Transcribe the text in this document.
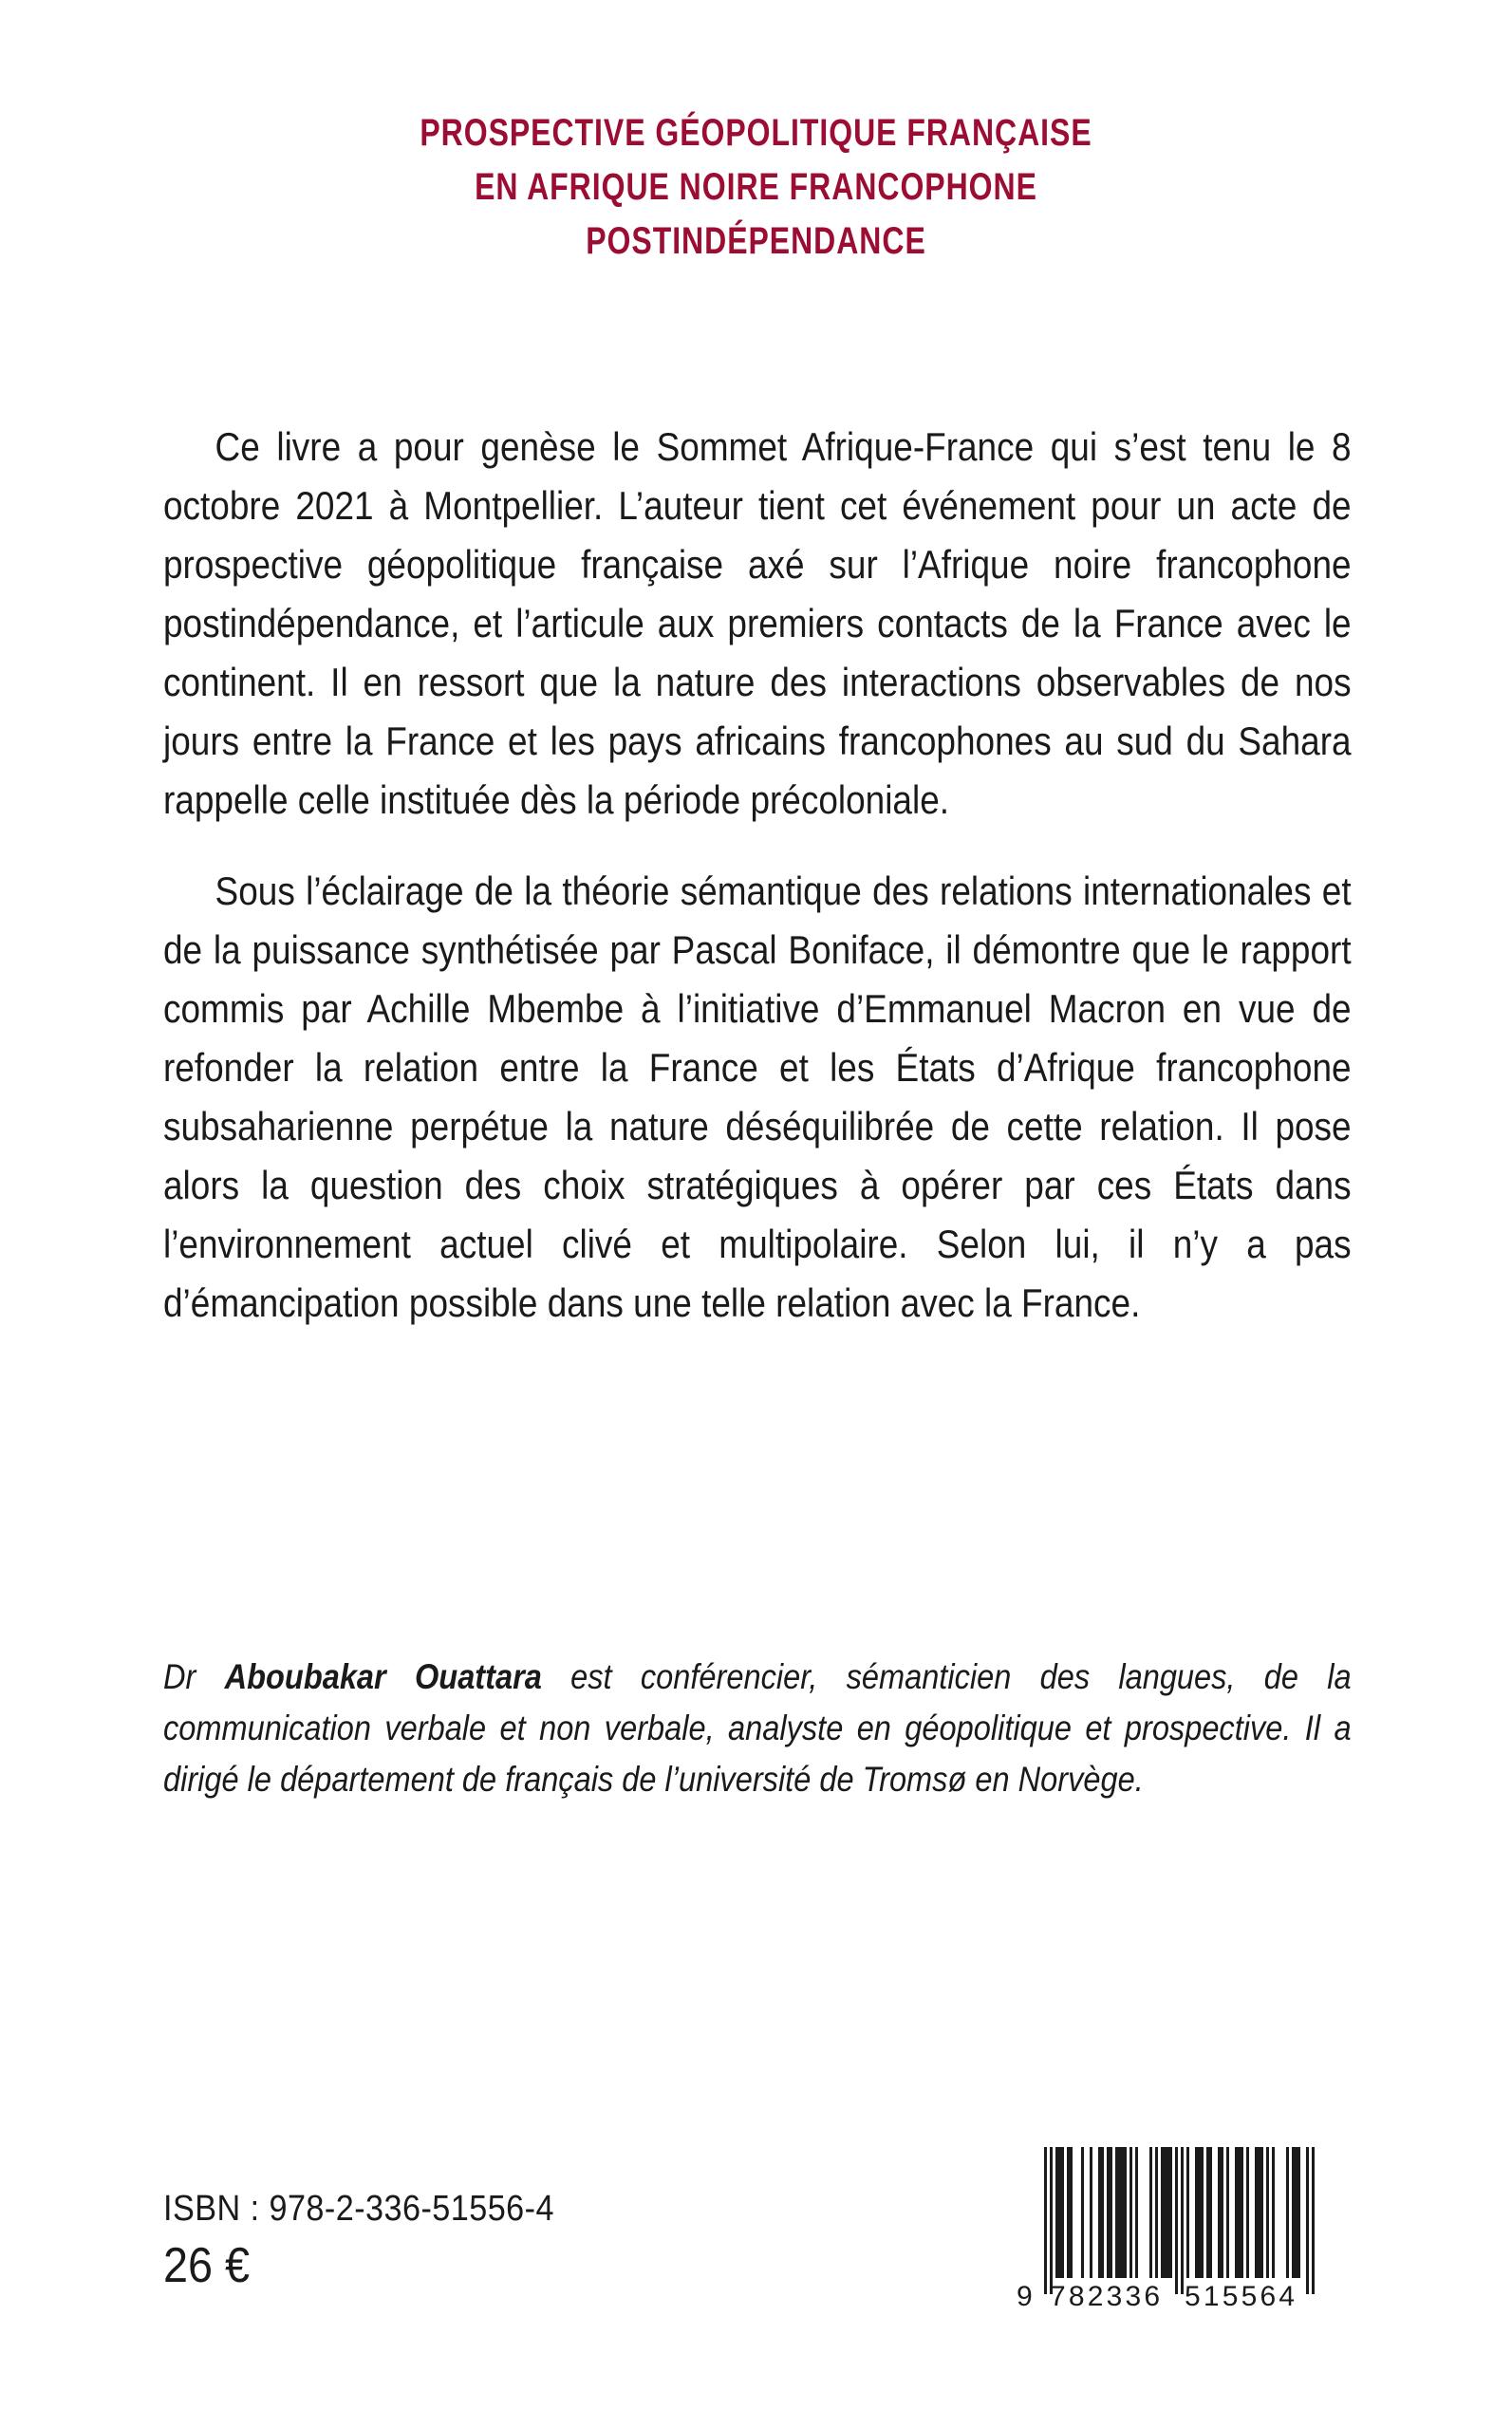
PROSPECTIVE GÉOPOLITIQUE FRANÇAISE
EN AFRIQUE NOIRE FRANCOPHONE
POSTINDÉPENDANCE

Ce livre a pour genèse le Sommet Afrique-France qui s’est tenu le 8 octobre 2021 à Montpellier. L’auteur tient cet événement pour un acte de prospective géopolitique française axé sur l’Afrique noire francophone postindépendance, et l’articule aux premiers contacts de la France avec le continent. Il en ressort que la nature des interactions observables de nos jours entre la France et les pays africains francophones au sud du Sahara rappelle celle instituée dès la période précoloniale.

Sous l’éclairage de la théorie sémantique des relations internationales et de la puissance synthétisée par Pascal Boniface, il démontre que le rapport commis par Achille Mbembe à l’initiative d’Emmanuel Macron en vue de refonder la relation entre la France et les États d’Afrique francophone subsaharienne perpétue la nature déséquilibrée de cette relation. Il pose alors la question des choix stratégiques à opérer par ces États dans l’environnement actuel clivé et multipolaire. Selon lui, il n’y a pas d’émancipation possible dans une telle relation avec la France.

Dr Aboubakar Ouattara est conférencier, sémanticien des langues, de la communication verbale et non verbale, analyste en géopolitique et prospective. Il a dirigé le département de français de l’université de Tromsø en Norvège.

ISBN : 978-2-336-51556-4

26 €

9 782336 515564
